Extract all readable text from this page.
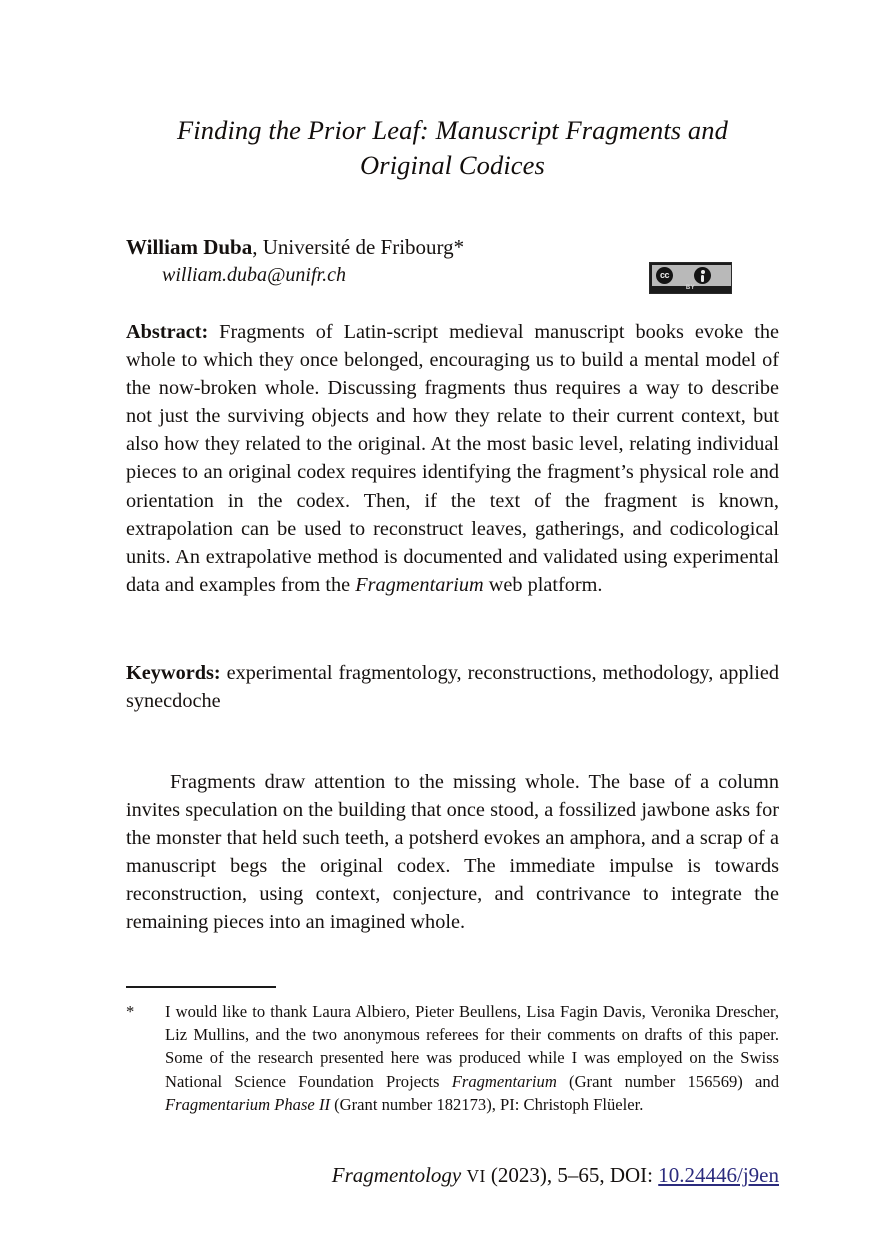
Finding the Prior Leaf: Manuscript Fragments and
Original Codices
William Duba, Université de Fribourg*
william.duba@unifr.ch	cc
BY
Abstract: Fragments of Latin-script medieval manuscript books evoke the whole to which they once belonged, encouraging us to build a mental model of the now-broken whole. Discussing fragments thus requires a way to describe not just the surviving objects and how they relate to their current context, but also how they related to the original. At the most basic level, relating individual pieces to an original codex requires identifying the fragment’s physical role and orientation in the codex. Then, if the text of the fragment is known, extrapolation can be used to reconstruct leaves, gatherings, and codicological units. An extrapolative method is documented and validated using experimental data and examples from the Fragmentarium web platform.
Keywords: experimental fragmentology, reconstructions, methodology, applied synecdoche
Fragments draw attention to the missing whole. The base of a column invites speculation on the building that once stood, a fossilized jawbone asks for the monster that held such teeth, a potsherd evokes an amphora, and a scrap of a manuscript begs the original codex. The immediate impulse is towards reconstruction, using context, conjecture, and contrivance to integrate the remaining pieces into an imagined whole.
*	I would like to thank Laura Albiero, Pieter Beullens, Lisa Fagin Davis, Veronika Drescher, Liz Mullins, and the two anonymous referees for their comments on drafts of this paper. Some of the research presented here was produced while I was employed on the Swiss National Science Foundation Projects Fragmentarium (Grant number 156569) and Fragmentarium Phase II (Grant number 182173), PI: Christoph Flüeler.
Fragmentology VI (2023), 5–65, DOI: 10.24446/j9en
